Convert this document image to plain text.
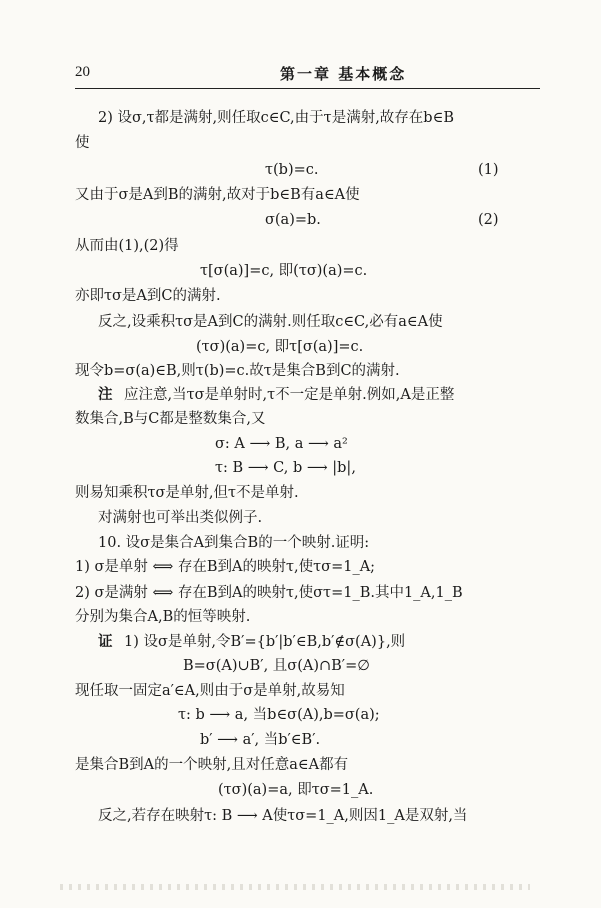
20	第一章 基本概念
2) 设σ,τ都是满射,则任取c∈C,由于τ是满射,故存在b∈B
使
τ(b)=c.	(1)
又由于σ是A到B的满射,故对于b∈B有a∈A使
σ(a)=b.	(2)
从而由(1),(2)得
τ[σ(a)]=c, 即(τσ)(a)=c.
亦即τσ是A到C的满射.
反之,设乘积τσ是A到C的满射.则任取c∈C,必有a∈A使
(τσ)(a)=c, 即τ[σ(a)]=c.
现令b=σ(a)∈B,则τ(b)=c.故τ是集合B到C的满射.
注 应注意,当τσ是单射时,τ不一定是单射.例如,A是正整
数集合,B与C都是整数集合,又
σ: A ⟶ B, a ⟶ a²
τ: B ⟶ C, b ⟶ |b|,
则易知乘积τσ是单射,但τ不是单射.
对满射也可举出类似例子.
10. 设σ是集合A到集合B的一个映射.证明:
1) σ是单射 ⟺ 存在B到A的映射τ,使τσ=1_A;
2) σ是满射 ⟺ 存在B到A的映射τ,使στ=1_B.其中1_A,1_B
分别为集合A,B的恒等映射.
证 1) 设σ是单射,令B′={b′|b′∈B,b′∉σ(A)},则
B=σ(A)∪B′, 且σ(A)∩B′=∅
现任取一固定a′∈A,则由于σ是单射,故易知
τ: b ⟶ a, 当b∈σ(A),b=σ(a);
b′ ⟶ a′, 当b′∈B′.
是集合B到A的一个映射,且对任意a∈A都有
(τσ)(a)=a, 即τσ=1_A.
反之,若存在映射τ: B ⟶ A使τσ=1_A,则因1_A是双射,当
